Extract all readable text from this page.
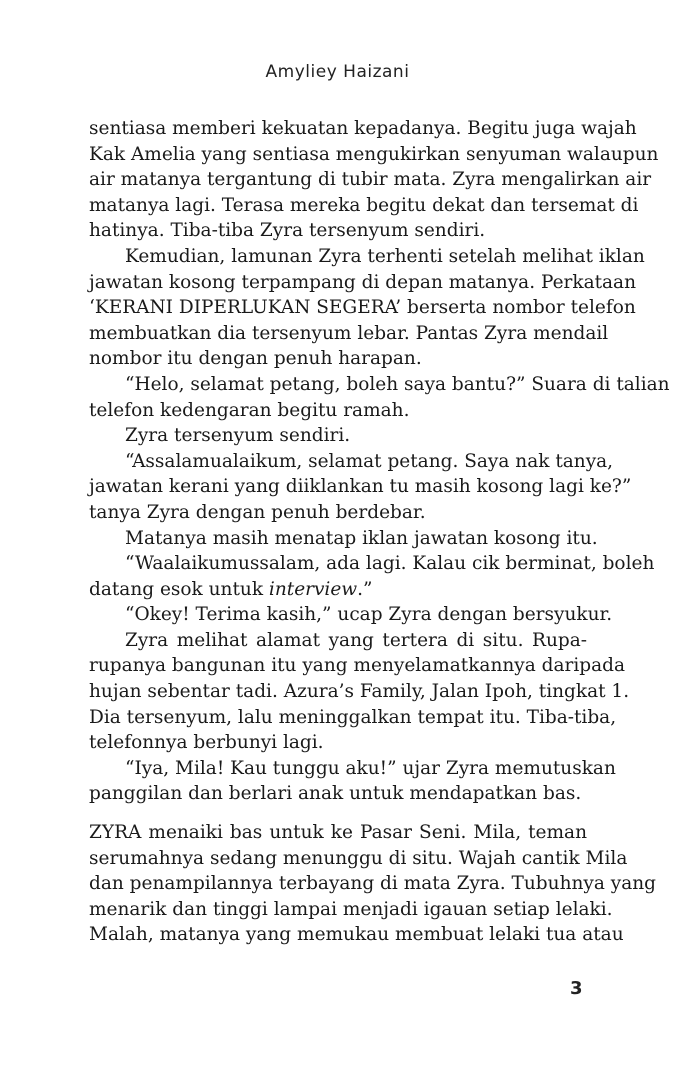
Amyliey Haizani
sentiasa memberi kekuatan kepadanya. Begitu juga wajah
Kak Amelia yang sentiasa mengukirkan senyuman walaupun
air matanya tergantung di tubir mata. Zyra mengalirkan air
matanya lagi. Terasa mereka begitu dekat dan tersemat di
hatinya. Tiba-tiba Zyra tersenyum sendiri.
Kemudian, lamunan Zyra terhenti setelah melihat iklan
jawatan kosong terpampang di depan matanya. Perkataan
‘KERANI DIPERLUKAN SEGERA’ berserta nombor telefon
membuatkan dia tersenyum lebar. Pantas Zyra mendail
nombor itu dengan penuh harapan.
“Helo, selamat petang, boleh saya bantu?” Suara di talian
telefon kedengaran begitu ramah.
Zyra tersenyum sendiri.
“Assalamualaikum, selamat petang. Saya nak tanya,
jawatan kerani yang diiklankan tu masih kosong lagi ke?”
tanya Zyra dengan penuh berdebar.
Matanya masih menatap iklan jawatan kosong itu.
“Waalaikumussalam, ada lagi. Kalau cik berminat, boleh
datang esok untuk interview.”
“Okey! Terima kasih,” ucap Zyra dengan bersyukur.
Zyra melihat alamat yang tertera di situ. Rupa-
rupanya bangunan itu yang menyelamatkannya daripada
hujan sebentar tadi. Azura’s Family, Jalan Ipoh, tingkat 1.
Dia tersenyum, lalu meninggalkan tempat itu. Tiba-tiba,
telefonnya berbunyi lagi.
“Iya, Mila! Kau tunggu aku!” ujar Zyra memutuskan
panggilan dan berlari anak untuk mendapatkan bas.
ZYRA menaiki bas untuk ke Pasar Seni. Mila, teman
serumahnya sedang menunggu di situ. Wajah cantik Mila
dan penampilannya terbayang di mata Zyra. Tubuhnya yang
menarik dan tinggi lampai menjadi igauan setiap lelaki.
Malah, matanya yang memukau membuat lelaki tua atau
3
